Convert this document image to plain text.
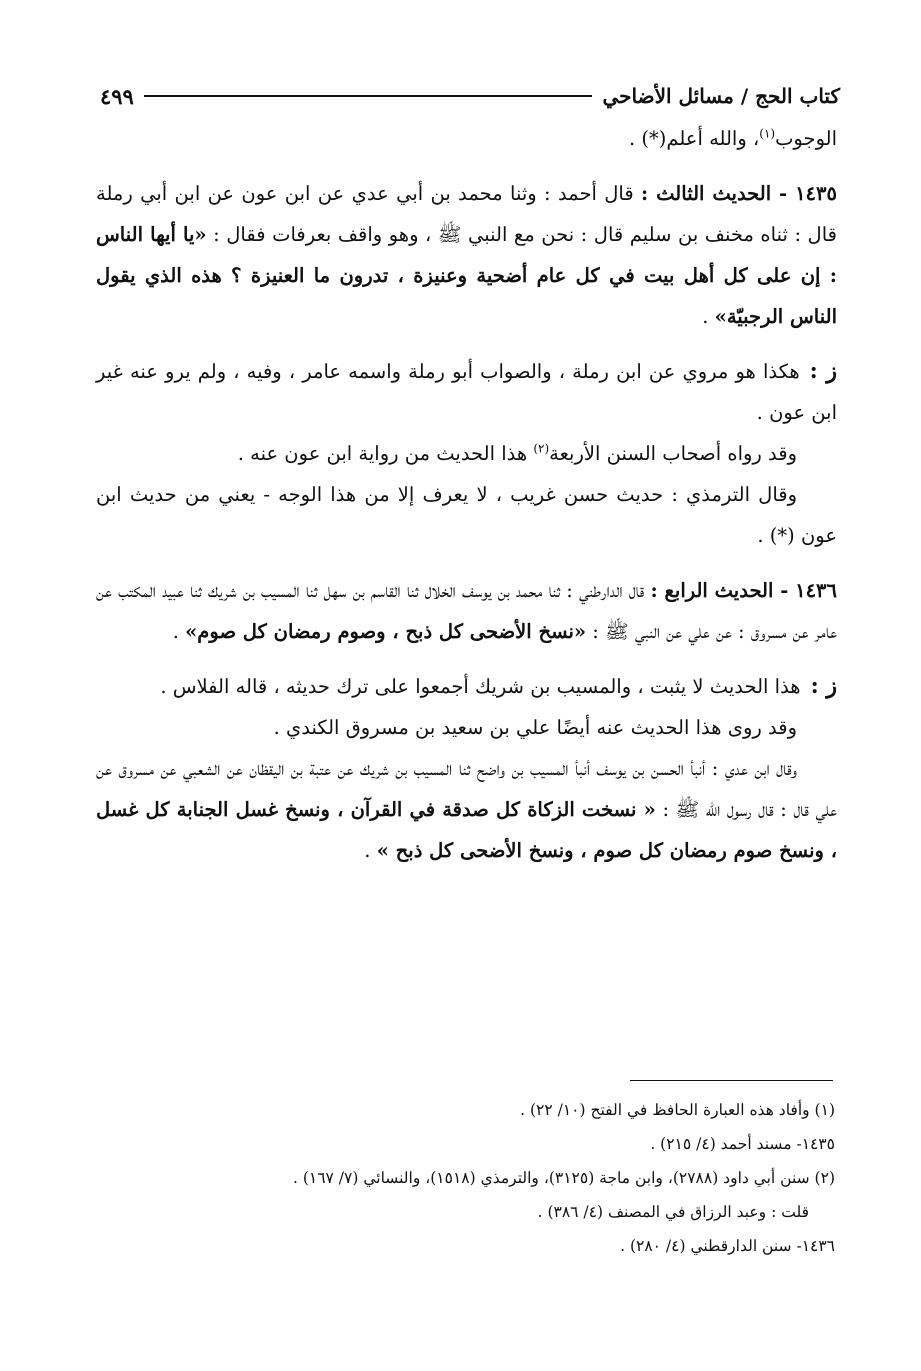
كتاب الحج / مسائل الأضاحي
٤٩٩

الوجوب$^{(١)}$، والله أعلم(*) .

١٤٣٥ - الحديث الثالث : قال أحمد : وثنا محمد بن أبي عدي عن ابن عون عن ابن أبي رملة قال : ثناه مخنف بن سليم قال : نحن مع النبي ﷺ ، وهو واقف بعرفات فقال : «يا أيها الناس : إن على كل أهل بيت في كل عام أضحية وعنيزة ، تدرون ما العنيزة ؟ هذه الذي يقول الناس الرجبيّة» .

ز :هكذا هو مروي عن ابن رملة ، والصواب أبو رملة واسمه عامر ، وفيه ، ولم يرو عنه غير ابن عون .

وقد رواه أصحاب السنن الأربعة$^{(٢)}$ هذا الحديث من رواية ابن عون عنه .

وقال الترمذي : حديث حسن غريب ، لا يعرف إلا من هذا الوجه - يعني من حديث ابن عون (*) .

١٤٣٦ - الحديث الرابع : قال الدارطني : ثنا محمد بن يوسف الخلال ثنا القاسم بن سهل ثنا المسيب بن شريك ثنا عبيد المكتب عن عامر عن مسروق : عن علي عن النبي ﷺ : «نسخ الأضحى كل ذبح ، وصوم رمضان كل صوم» .

ز :هذا الحديث لا يثبت ، والمسيب بن شريك أجمعوا على ترك حديثه ، قاله الفلاس .

وقد روى هذا الحديث عنه أيضًا علي بن سعيد بن مسروق الكندي .

وقال ابن عدي : أنبأ الحسن بن يوسف أنبأ المسيب بن واضح ثنا المسيب بن شريك عن عتبة بن اليقظان عن الشعبي عن مسروق عن علي قال : قال رسول الله ﷺ : « نسخت الزكاة كل صدقة في القرآن ، ونسخ غسل الجنابة كل غسل ، ونسخ صوم رمضان كل صوم ، ونسخ الأضحى كل ذبح » .

(١) وأفاد هذه العبارة الحافظ في الفتح (١٠/ ٢٢) .

١٤٣٥- مسند أحمد (٤/ ٢١٥) .

(٢) سنن أبي داود (٢٧٨٨)، وابن ماجة (٣١٢٥)، والترمذي (١٥١٨)، والنسائي (٧/ ١٦٧) .

قلت : وعبد الرزاق في المصنف (٤/ ٣٨٦) .

١٤٣٦- سنن الدارقطني (٤/ ٢٨٠) .
